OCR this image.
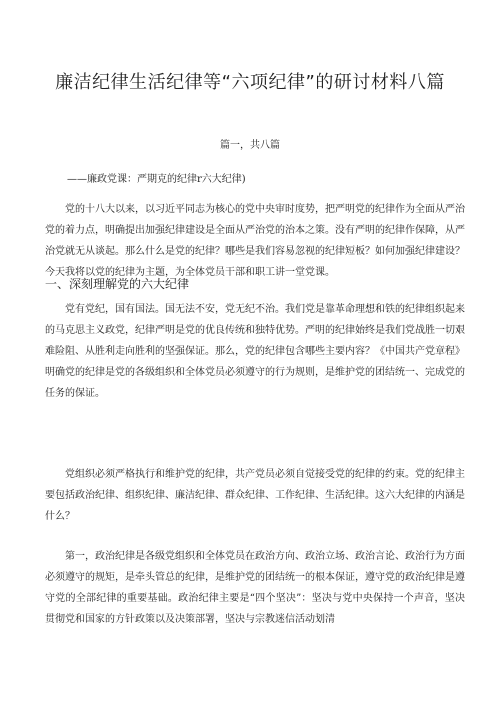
廉洁纪律生活纪律等“六项纪律”的研讨材料八篇
篇一，共八篇
——廉政党课：严期克的纪律r六大纪律)

党的十八大以来，以习近平同志为核心的党中央审时度势，把严明党的纪律作为全面从严治党的着力点，明确提出加强纪律建设是全面从严治党的治本之策。没有严明的纪律作保障，从严治党就无从谈起。那么什么是党的纪律？哪些是我们容易忽视的纪律短板？如何加强纪律建设？今天我将以党的纪律为主题，为全体党员干部和职工讲一堂党课。

一、深刻理解党的六大纪律

党有党纪，国有国法。国无法不安，党无纪不治。我们党是靠革命理想和铁的纪律组织起来的马克思主义政党，纪律严明是党的优良传统和独特优势。严明的纪律始终是我们党战胜一切艰难险阻、从胜利走向胜利的坚强保证。那么，党的纪律包含哪些主要内容？《中国共产党章程》明确党的纪律是党的各级组织和全体党员必须遵守的行为规则，是维护党的团结统一、完成党的任务的保证。

党组织必须严格执行和维护党的纪律，共产党员必须自觉接受党的纪律的约束。党的纪律主要包括政治纪律、组织纪律、廉洁纪律、群众纪律、工作纪律、生活纪律。这六大纪律的内涵是什么？

第一，政治纪律是各级党组织和全体党员在政治方向、政治立场、政治言论、政治行为方面必须遵守的规矩，是牵头管总的纪律，是维护党的团结统一的根本保证，遵守党的政治纪律是遵守党的全部纪律的重要基础。政治纪律主要是“四个坚决”：坚决与党中央保持一个声音，坚决贯彻党和国家的方针政策以及决策部署，坚决与宗教迷信活动划清
